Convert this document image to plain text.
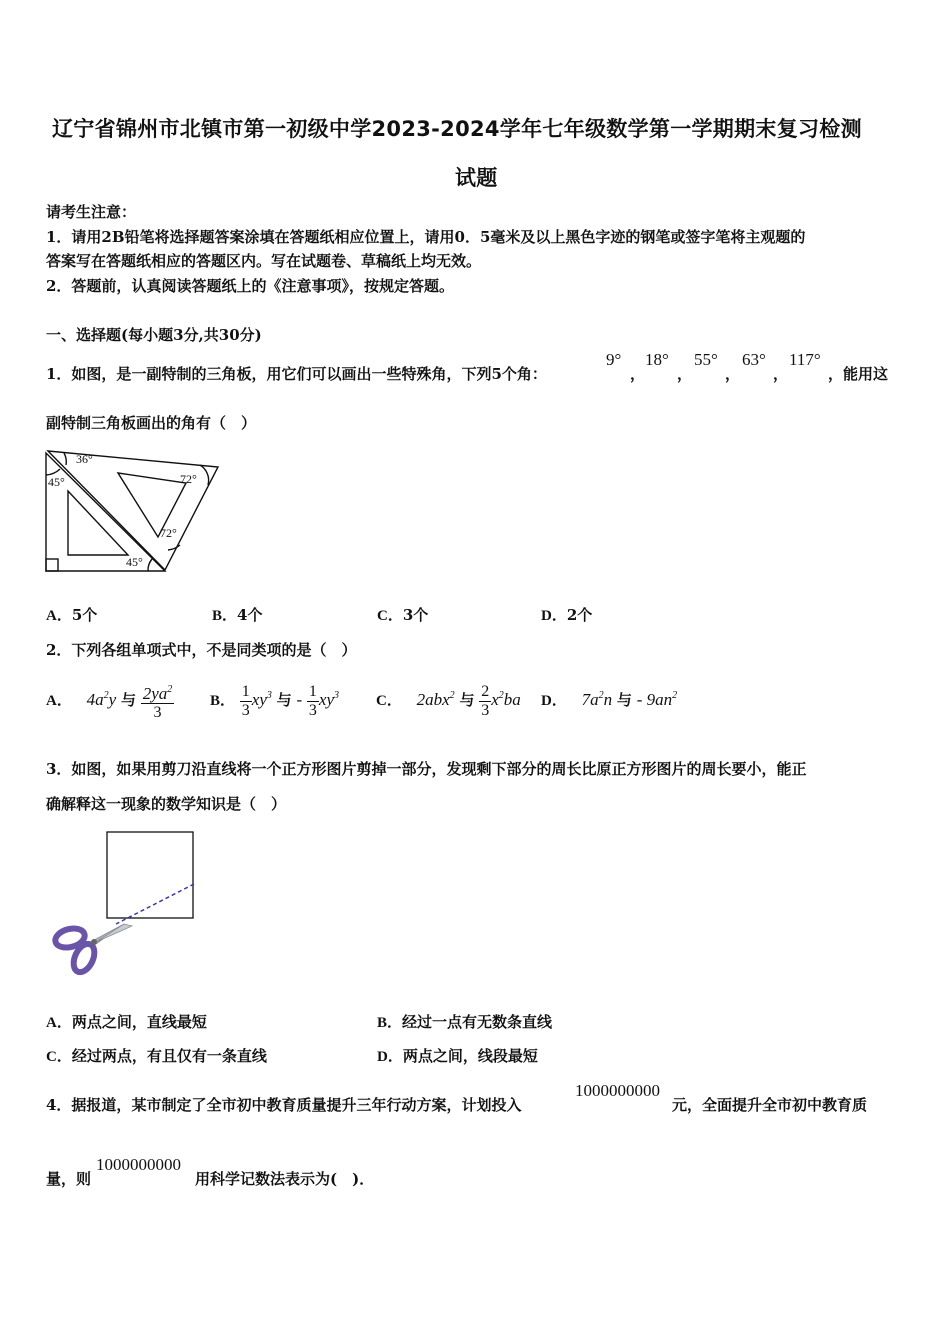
辽宁省锦州市北镇市第一初级中学2023-2024学年七年级数学第一学期期末复习检测
试题
请考生注意：
1．请用2B铅笔将选择题答案涂填在答题纸相应位置上，请用0．5毫米及以上黑色字迹的钢笔或签字笔将主观题的
答案写在答题纸相应的答题区内。写在试题卷、草稿纸上均无效。
2．答题前，认真阅读答题纸上的《注意事项》，按规定答题。
一、选择题(每小题3分,共30分)
1．如图，是一副特制的三角板，用它们可以画出一些特殊角，下列5个角：
9°
，
18°
，
55°
，
63°
，
117°
，能用这
副特制三角板画出的角有（　）
36°
45°	72°
72°
45°
A．5个	B．4个	C．3个	D．2个
2．下列各组单项式中，不是同类项的是（　）
A． $4a^2y$ 与 $\frac{2ya^2}{3}$ B． $\frac{1}{3} xy^3$ 与 - $\frac{1}{3} xy^3$ C． 2abx$^2$ 与 $\frac{2}{3} x^2ba$ D． $7a^2n$ 与 - $9an^2$
3．如图，如果用剪刀沿直线将一个正方形图片剪掉一部分，发现剩下部分的周长比原正方形图片的周长要小，能正
确解释这一现象的数学知识是（　）
A．两点之间，直线最短	B．经过一点有无数条直线
C．经过两点，有且仅有一条直线	D．两点之间，线段最短
4．据报道，某市制定了全市初中教育质量提升三年行动方案，计划投入
1000000000
元，全面提升全市初中教育质
量，则
1000000000
用科学记数法表示为(　)．
